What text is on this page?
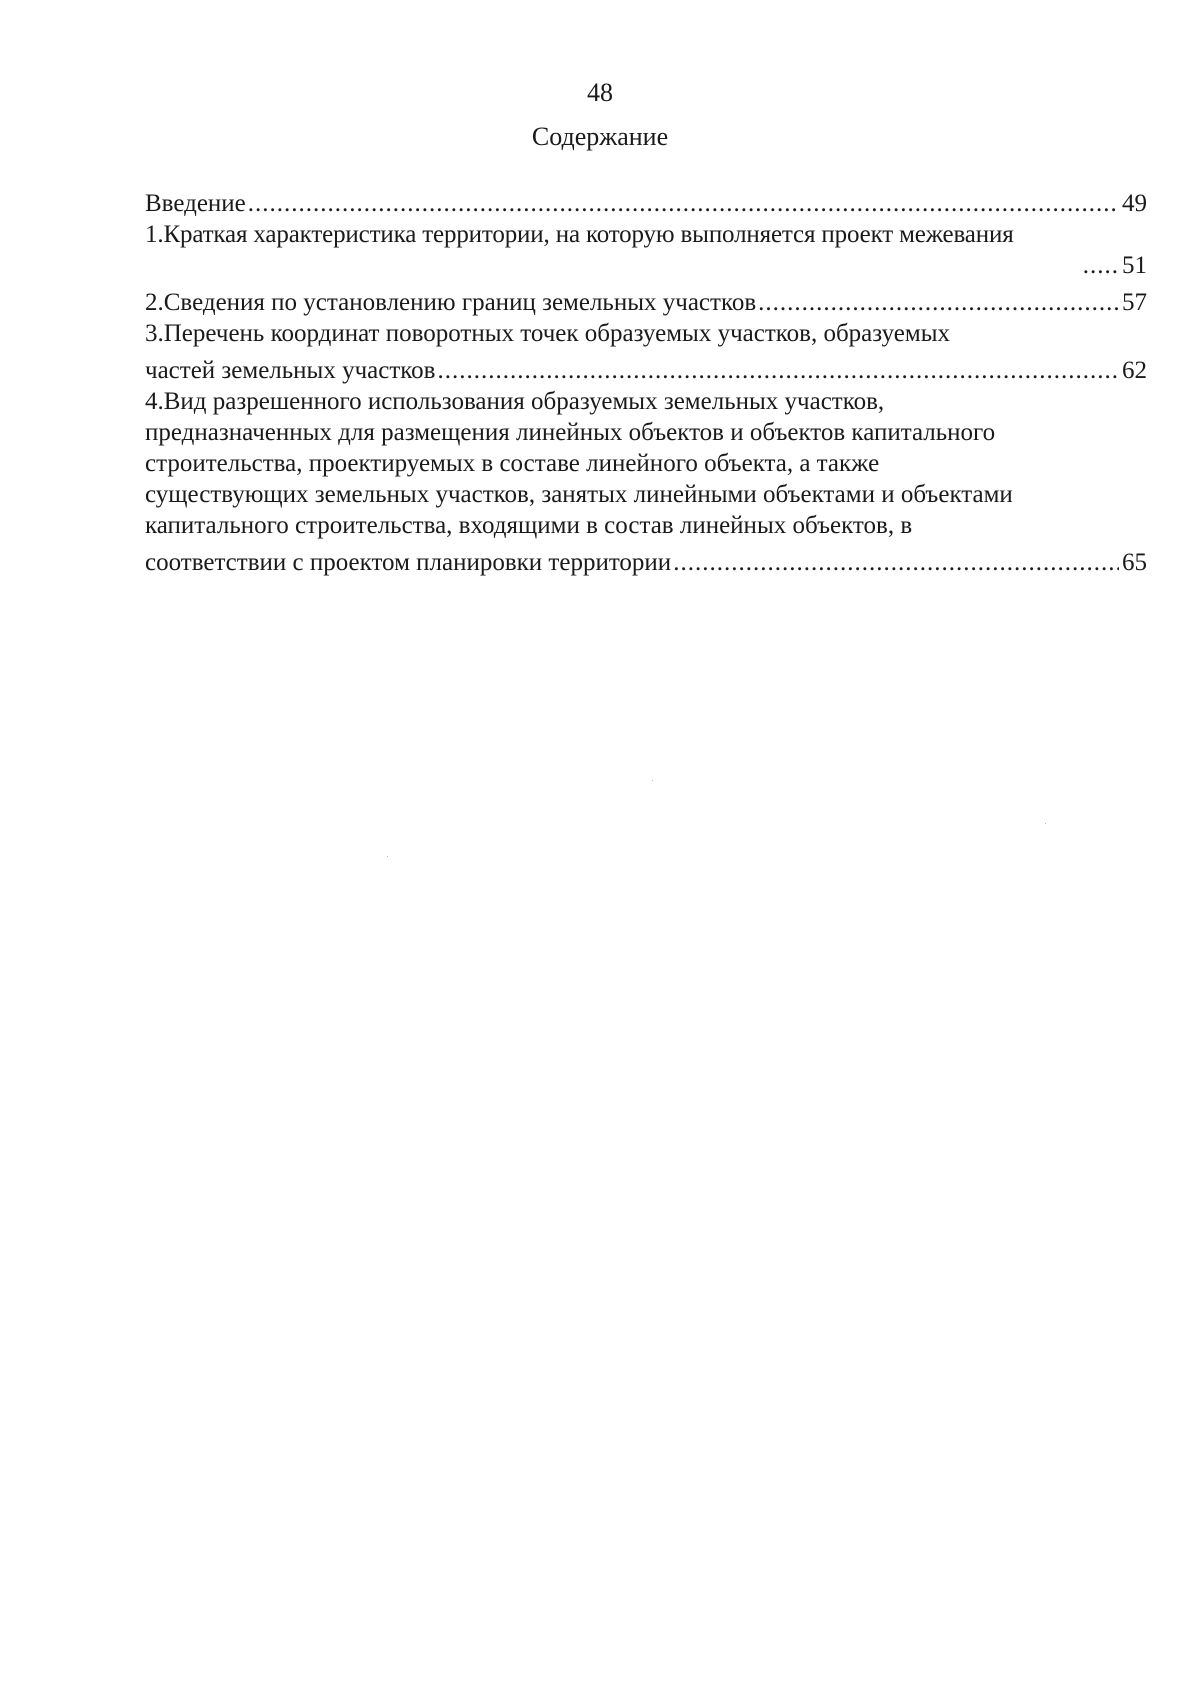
48
Содержание
Введение .....	49
1.Краткая характеристика территории, на которую выполняется проект межевания
..... 51
2.Сведения по установлению границ земельных участков .....	57
3.Перечень координат поворотных точек образуемых участков, образуемых
частей земельных участков .....	62
4.Вид разрешенного использования образуемых земельных участков,
предназначенных для размещения линейных объектов и объектов капитального
строительства, проектируемых в составе линейного объекта, а также
существующих земельных участков, занятых линейными объектами и объектами
капитального строительства, входящими в состав линейных объектов, в
соответствии с проектом планировки территории .....	65
